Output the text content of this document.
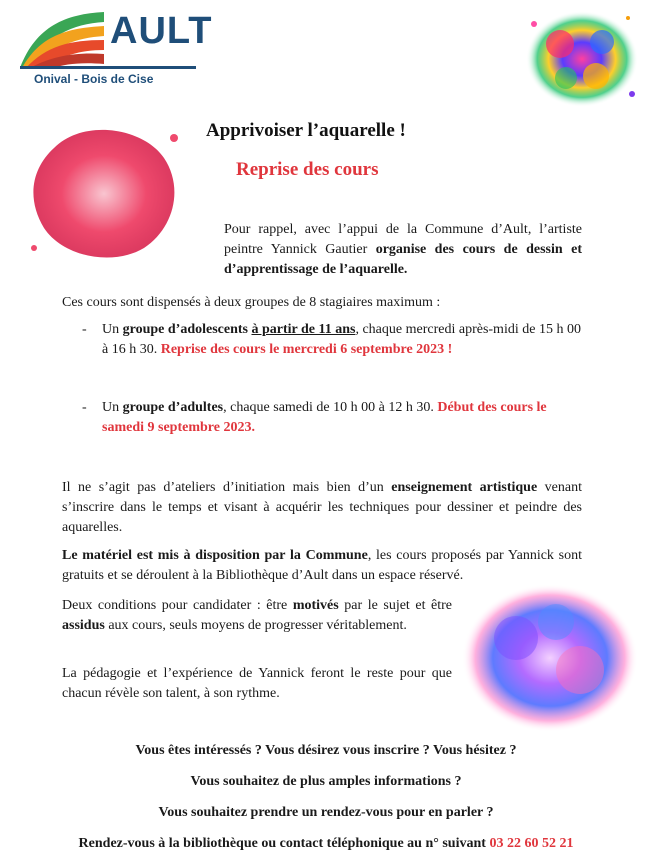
AULT
Onival - Bois de Cise
Apprivoiser l’aquarelle !
Reprise des cours
Pour rappel, avec l’appui de la Commune d’Ault, l’artiste peintre Yannick Gautier organise des cours de dessin et d’apprentissage de l’aquarelle.
Ces cours sont dispensés à deux groupes de 8 stagiaires maximum :
- Un groupe d’adolescents à partir de 11 ans, chaque mercredi après-midi de 15 h 00 à 16 h 30. Reprise des cours le mercredi 6 septembre 2023 !
- Un groupe d’adultes, chaque samedi de 10 h 00 à 12 h 30. Début des cours le samedi 9 septembre 2023.
Il ne s’agit pas d’ateliers d’initiation mais bien d’un enseignement artistique venant s’inscrire dans le temps et visant à acquérir les techniques pour dessiner et peindre des aquarelles.
Le matériel est mis à disposition par la Commune, les cours proposés par Yannick sont gratuits et se déroulent à la Bibliothèque d’Ault dans un espace réservé.
Deux conditions pour candidater : être motivés par le sujet et être assidus aux cours, seuls moyens de progresser véritablement.
La pédagogie et l’expérience de Yannick feront le reste pour que chacun révèle son talent, à son rythme.
Vous êtes intéressés ? Vous désirez vous inscrire ? Vous hésitez ?
Vous souhaitez de plus amples informations ?
Vous souhaitez prendre un rendez-vous pour en parler ?
Rendez-vous à la bibliothèque ou contact téléphonique au n° suivant 03 22 60 52 21
